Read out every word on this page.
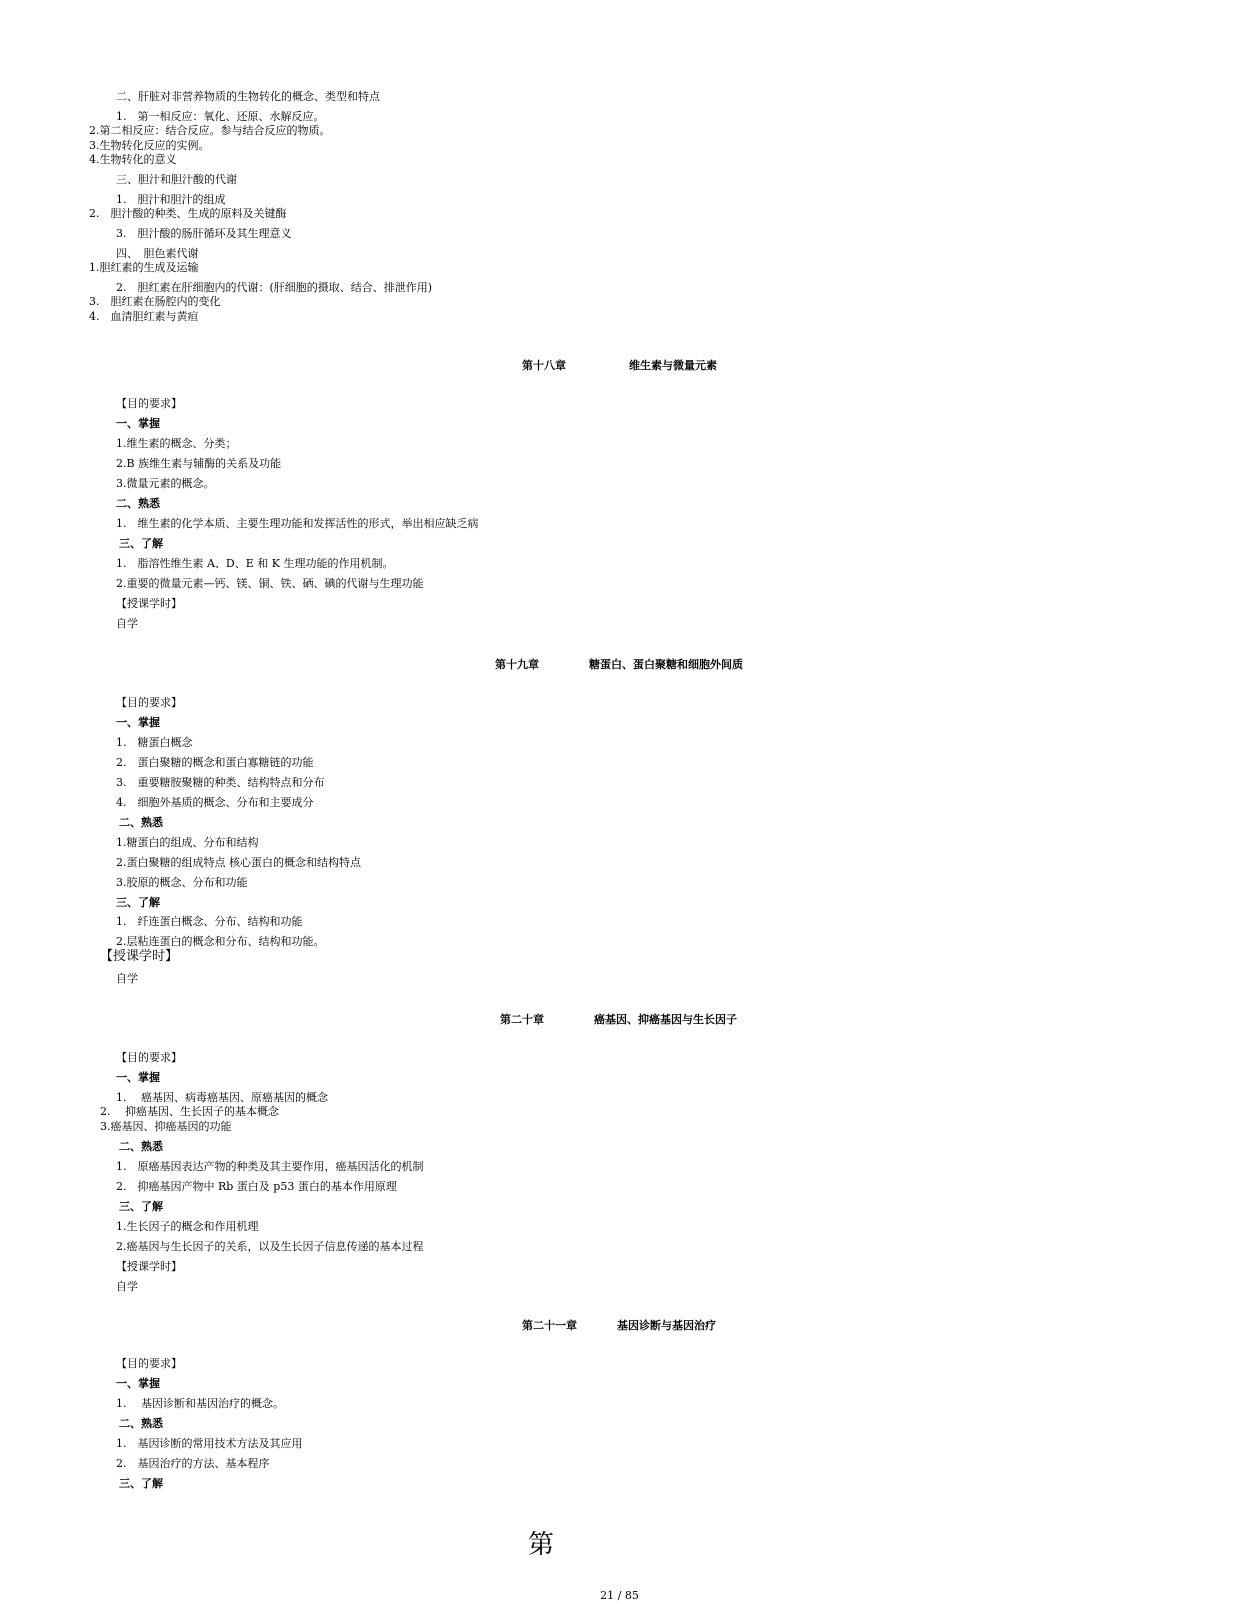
二、肝脏对非营养物质的生物转化的概念、类型和特点
1.　第一相反应：氧化、还原、水解反应。
2.第二相反应：结合反应。参与结合反应的物质。
3.生物转化反应的实例。
4.生物转化的意义
三、胆汁和胆汁酸的代谢
1.　胆汁和胆汁的组成
2.　胆汁酸的种类、生成的原料及关键酶
3.　胆汁酸的肠肝循环及其生理意义
四、　胆色素代谢
1.胆红素的生成及运输
2.　胆红素在肝细胞内的代谢：(肝细胞的摄取、结合、排泄作用)
3.　胆红素在肠腔内的变化
4.　血清胆红素与黄疸
第十八章	维生素与微量元素
【目的要求】
一、掌握
1.维生素的概念、分类；
2.B 族维生素与辅酶的关系及功能
3.微量元素的概念。
二、熟悉
1.　维生素的化学本质、主要生理功能和发挥活性的形式，举出相应缺乏病
三、了解
1.　脂溶性维生素 A、D、E 和 K 生理功能的作用机制。
2.重要的微量元素—钙、镁、铜、铁、硒、碘的代谢与生理功能
【授课学时】
自学
第十九章	糖蛋白、蛋白聚糖和细胞外间质
【目的要求】
一、掌握
1.　糖蛋白概念
2.　蛋白聚糖的概念和蛋白寡糖链的功能
3.　重要糖胺聚糖的种类、结构特点和分布
4.　细胞外基质的概念、分布和主要成分
二、熟悉
1.糖蛋白的组成、分布和结构
2.蛋白聚糖的组成特点 核心蛋白的概念和结构特点
3.胶原的概念、分布和功能
三、了解
1.　纤连蛋白概念、分布、结构和功能
2.层粘连蛋白的概念和分布、结构和功能。
【授课学时】
自学
第二十章	癌基因、抑癌基因与生长因子
【目的要求】
一、掌握
1.　 癌基因、病毒癌基因、原癌基因的概念
2.　 抑癌基因、生长因子的基本概念
3.癌基因、抑癌基因的功能
二、熟悉
1.　原癌基因表达产物的种类及其主要作用，癌基因活化的机制
2.　抑癌基因产物中 Rb 蛋白及 p53 蛋白的基本作用原理
三、了解
1.生长因子的概念和作用机理
2.癌基因与生长因子的关系，以及生长因子信息传递的基本过程
【授课学时】
自学
第二十一章	基因诊断与基因治疗
【目的要求】
一、掌握
1.　 基因诊断和基因治疗的概念。
二、熟悉
1.　基因诊断的常用技术方法及其应用
2.　基因治疗的方法、基本程序
三、了解
第
21 / 85
